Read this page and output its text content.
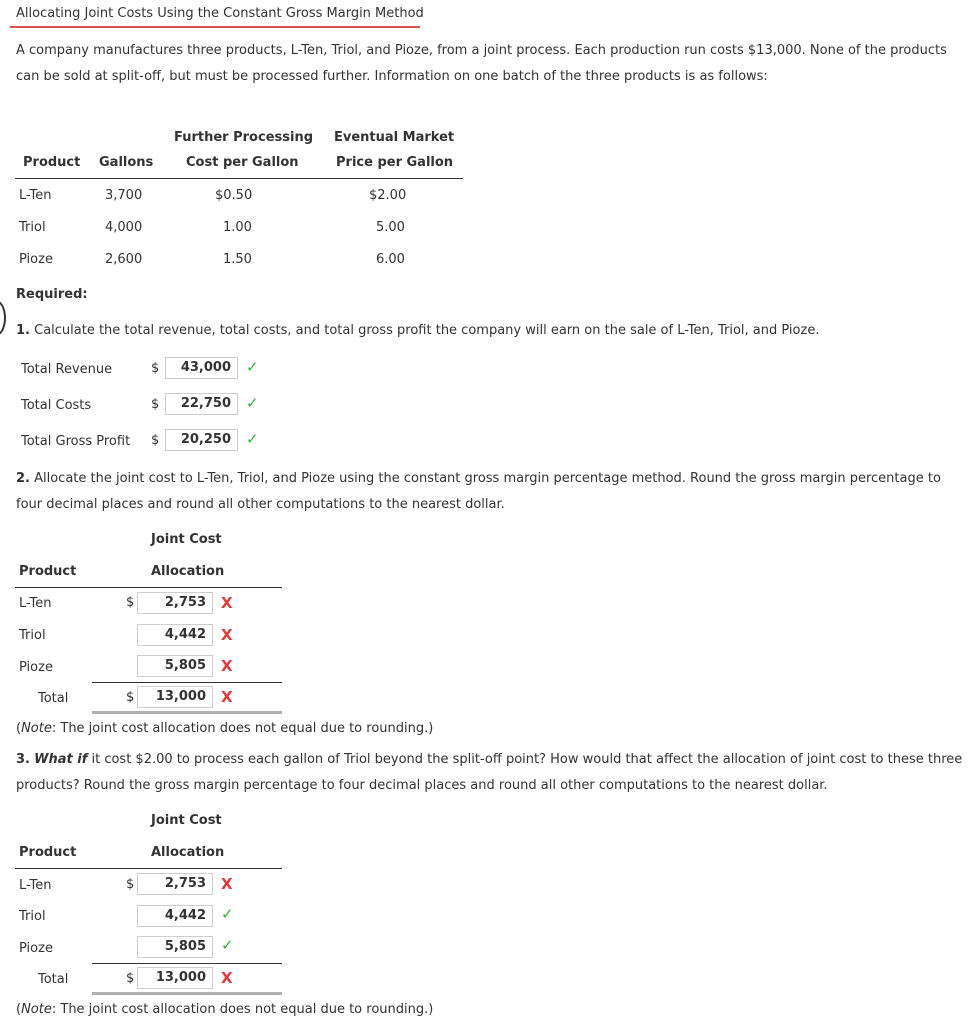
Allocating Joint Costs Using the Constant Gross Margin Method
A company manufactures three products, L-Ten, Triol, and Pioze, from a joint process. Each production run costs $13,000. None of the products can be sold at split-off, but must be processed further. Information on one batch of the three products is as follows:
Further Processing Eventual Market
Product Gallons	Cost per Gallon	Price per Gallon
L-Ten	3,700	$0.50	$2.00
Triol	4,000	1.00	5.00
Pioze	2,600	1.50	6.00
Required:
1. Calculate the total revenue, total costs, and total gross profit the company will earn on the sale of L-Ten, Triol, and Pioze.
Total Revenue	$	43,000	✓
Total Costs	$	22,750	✓
Total Gross Profit $	20,250	✓
2. Allocate the joint cost to L-Ten, Triol, and Pioze using the constant gross margin percentage method. Round the gross margin percentage to four decimal places and round all other computations to the nearest dollar.
Joint Cost
Product	Allocation
L-Ten	$	2,753	X
Triol	4,442	X
Pioze	5,805	X
Total	$	13,000	X
(Note: The joint cost allocation does not equal due to rounding.)
3. What if it cost $2.00 to process each gallon of Triol beyond the split-off point? How would that affect the allocation of joint cost to these three products? Round the gross margin percentage to four decimal places and round all other computations to the nearest dollar.
Joint Cost
Product	Allocation
L-Ten	$	2,753	X
Triol	4,442	✓
Pioze	5,805	✓
Total	$	13,000	X
(Note: The joint cost allocation does not equal due to rounding.)
